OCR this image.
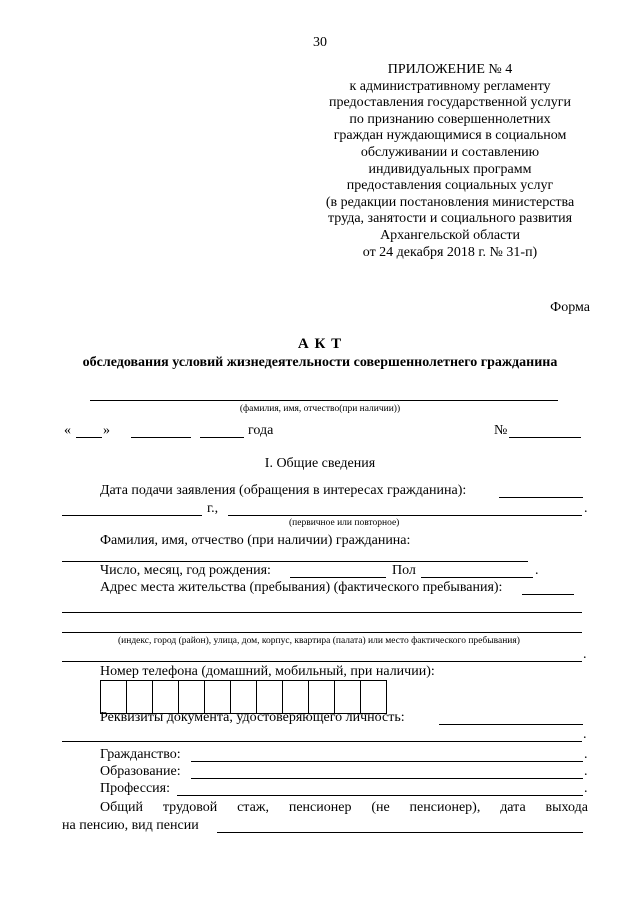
30
ПРИЛОЖЕНИЕ № 4
к административному регламенту
предоставления государственной услуги
по признанию совершеннолетних
граждан нуждающимися в социальном
обслуживании и составлению
индивидуальных программ
предоставления социальных услуг
(в редакции постановления министерства
труда, занятости и социального развития
Архангельской области
от 24 декабря 2018 г. № 31-п)
Форма
А К Т
обследования условий жизнедеятельности совершеннолетнего гражданина
(фамилия, имя, отчество(при наличии))
« »	года	№
I. Общие сведения
Дата подачи заявления (обращения в интересах гражданина):
г.,	.
(первичное или повторное)
Фамилия, имя, отчество (при наличии) гражданина:
Число, месяц, год рождения:	Пол	.
Адрес места жительства (пребывания) (фактического пребывания):
(индекс, город (район), улица, дом, корпус, квартира (палата) или место фактического пребывания)
.
Номер телефона (домашний, мобильный, при наличии):
Реквизиты документа, удостоверяющего личность:
.
Гражданство:	.
Образование:	.
Профессия:	.
Общий трудовой стаж, пенсионер (не пенсионер), дата выхода
на пенсию, вид пенсии
